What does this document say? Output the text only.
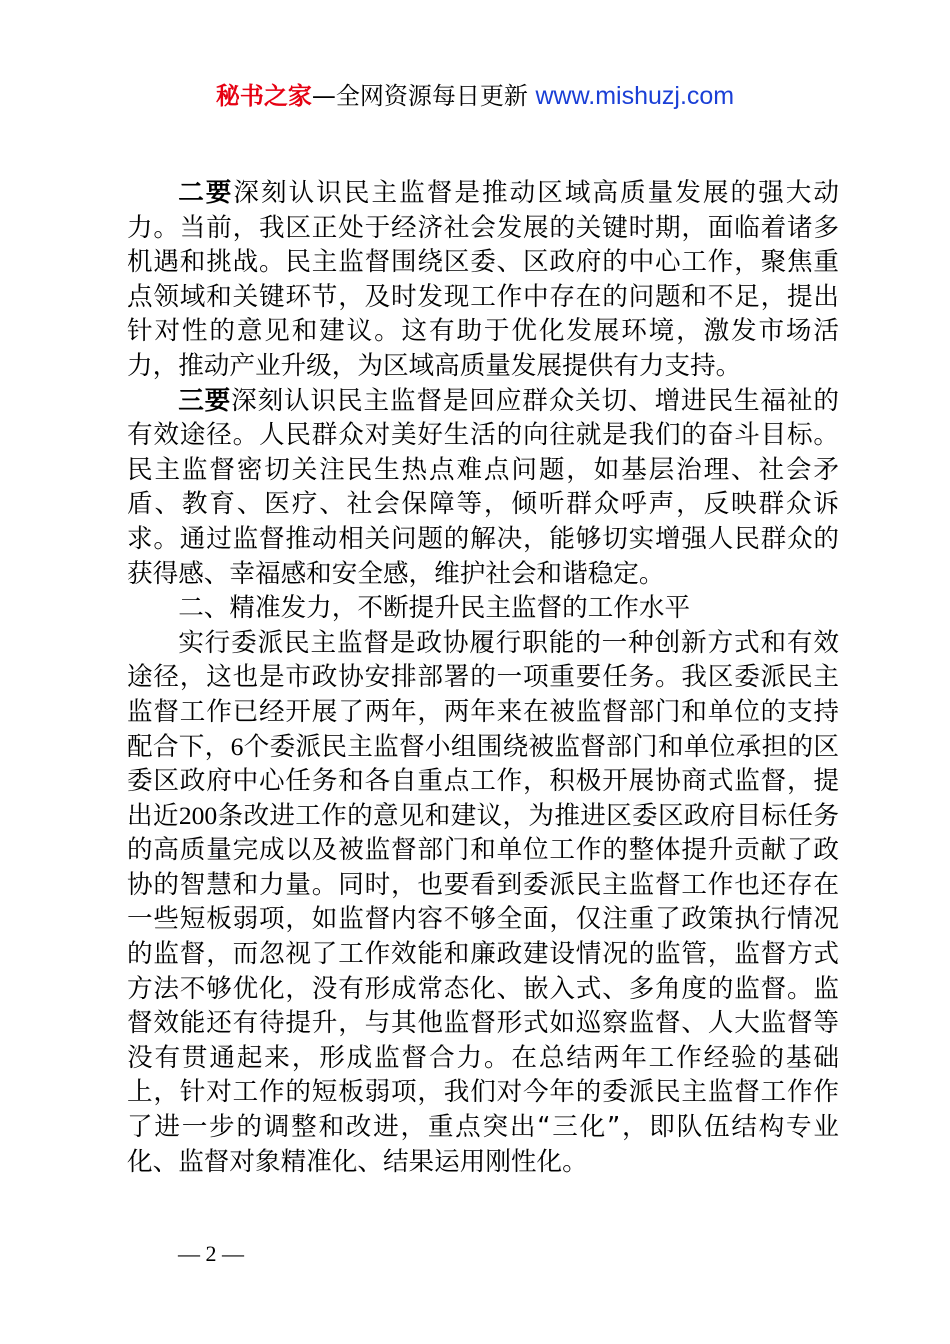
秘书之家—全网资源每日更新 www.mishuzj.com

二要深刻认识民主监督是推动区域高质量发展的强大动力。当前，我区正处于经济社会发展的关键时期，面临着诸多机遇和挑战。民主监督围绕区委、区政府的中心工作，聚焦重点领域和关键环节，及时发现工作中存在的问题和不足，提出针对性的意见和建议。这有助于优化发展环境，激发市场活力，推动产业升级，为区域高质量发展提供有力支持。

三要深刻认识民主监督是回应群众关切、增进民生福祉的有效途径。人民群众对美好生活的向往就是我们的奋斗目标。民主监督密切关注民生热点难点问题，如基层治理、社会矛盾、教育、医疗、社会保障等，倾听群众呼声，反映群众诉求。通过监督推动相关问题的解决，能够切实增强人民群众的获得感、幸福感和安全感，维护社会和谐稳定。

二、精准发力，不断提升民主监督的工作水平

实行委派民主监督是政协履行职能的一种创新方式和有效途径，这也是市政协安排部署的一项重要任务。我区委派民主监督工作已经开展了两年，两年来在被监督部门和单位的支持配合下，6个委派民主监督小组围绕被监督部门和单位承担的区委区政府中心任务和各自重点工作，积极开展协商式监督，提出近200条改进工作的意见和建议，为推进区委区政府目标任务的高质量完成以及被监督部门和单位工作的整体提升贡献了政协的智慧和力量。同时，也要看到委派民主监督工作也还存在一些短板弱项，如监督内容不够全面，仅注重了政策执行情况的监督，而忽视了工作效能和廉政建设情况的监管，监督方式方法不够优化，没有形成常态化、嵌入式、多角度的监督。监督效能还有待提升，与其他监督形式如巡察监督、人大监督等没有贯通起来，形成监督合力。在总结两年工作经验的基础上，针对工作的短板弱项，我们对今年的委派民主监督工作作了进一步的调整和改进，重点突出“三化”，即队伍结构专业化、监督对象精准化、结果运用刚性化。

— 2 —
